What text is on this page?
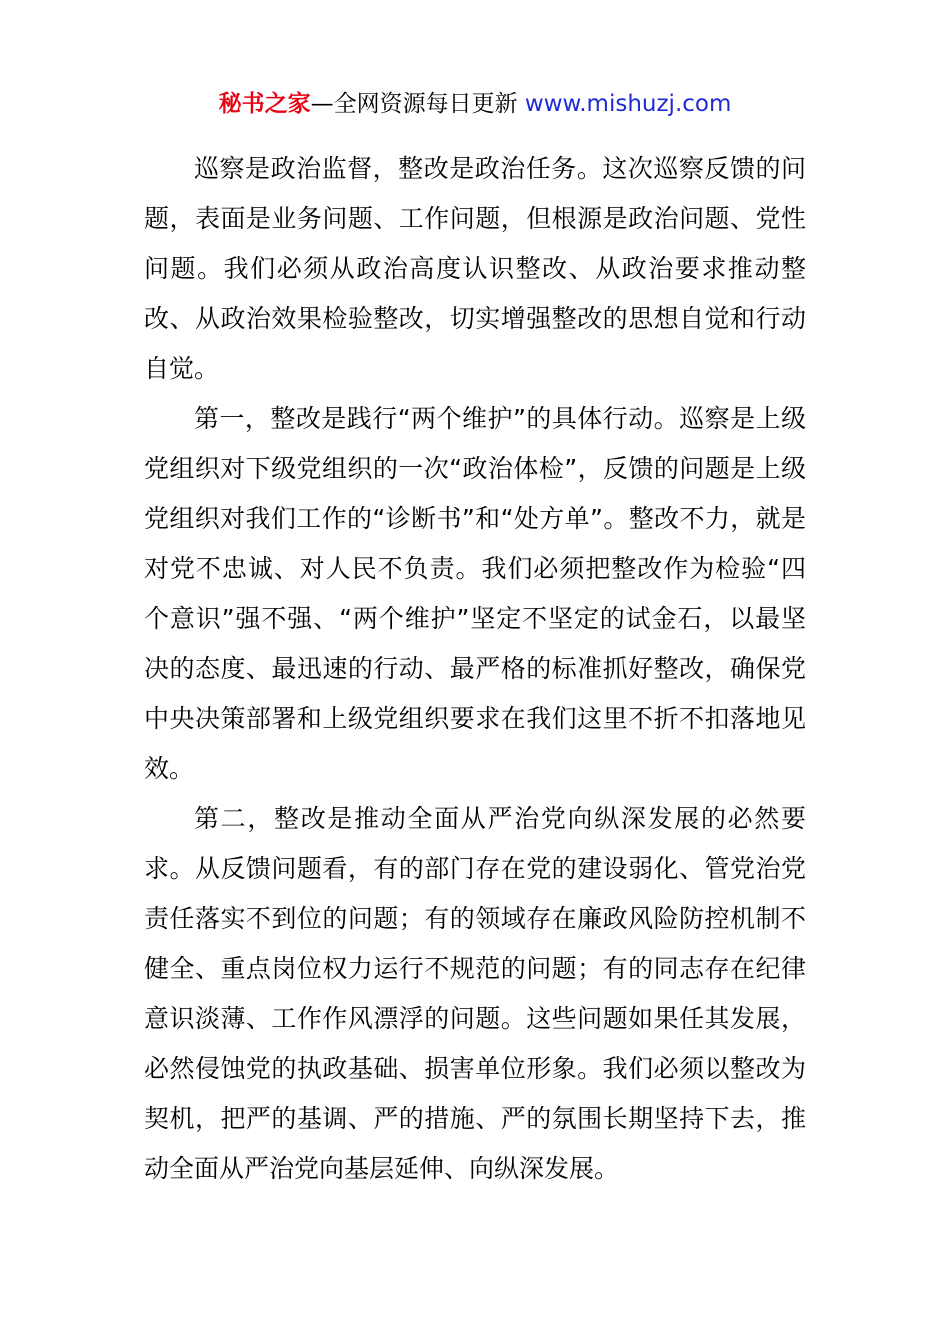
秘书之家—全网资源每日更新 www.mishuzj.com

巡察是政治监督，整改是政治任务。这次巡察反馈的问题，表面是业务问题、工作问题，但根源是政治问题、党性问题。我们必须从政治高度认识整改、从政治要求推动整改、从政治效果检验整改，切实增强整改的思想自觉和行动自觉。

第一，整改是践行“两个维护”的具体行动。巡察是上级党组织对下级党组织的一次“政治体检”，反馈的问题是上级党组织对我们工作的“诊断书”和“处方单”。整改不力，就是对党不忠诚、对人民不负责。我们必须把整改作为检验“四个意识”强不强、“两个维护”坚定不坚定的试金石，以最坚决的态度、最迅速的行动、最严格的标准抓好整改，确保党中央决策部署和上级党组织要求在我们这里不折不扣落地见效。

第二，整改是推动全面从严治党向纵深发展的必然要求。从反馈问题看，有的部门存在党的建设弱化、管党治党责任落实不到位的问题；有的领域存在廉政风险防控机制不健全、重点岗位权力运行不规范的问题；有的同志存在纪律意识淡薄、工作作风漂浮的问题。这些问题如果任其发展，必然侵蚀党的执政基础、损害单位形象。我们必须以整改为契机，把严的基调、严的措施、严的氛围长期坚持下去，推动全面从严治党向基层延伸、向纵深发展。
